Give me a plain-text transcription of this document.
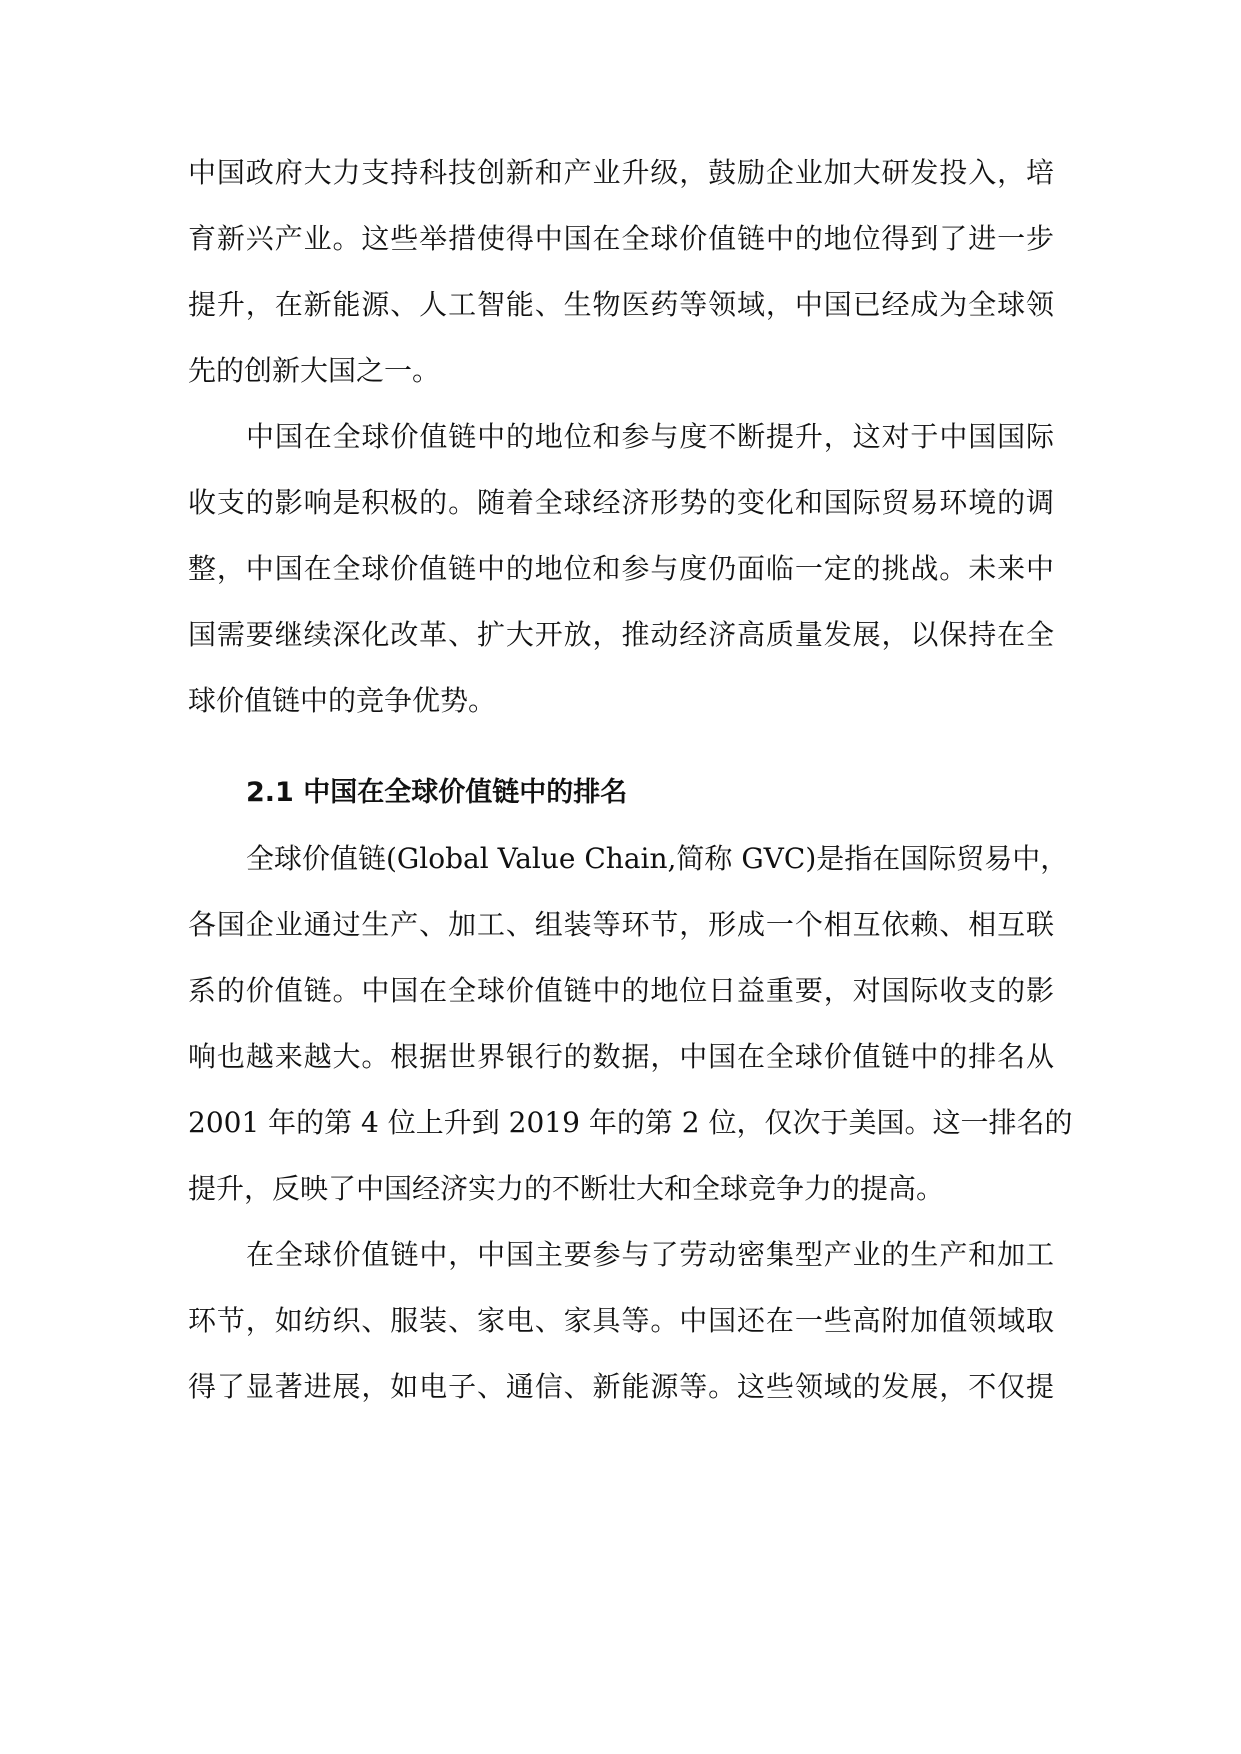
中国政府大力支持科技创新和产业升级，鼓励企业加大研发投入，培
育新兴产业。这些举措使得中国在全球价值链中的地位得到了进一步
提升，在新能源、人工智能、生物医药等领域，中国已经成为全球领
先的创新大国之一。
中国在全球价值链中的地位和参与度不断提升，这对于中国国际
收支的影响是积极的。随着全球经济形势的变化和国际贸易环境的调
整，中国在全球价值链中的地位和参与度仍面临一定的挑战。未来中
国需要继续深化改革、扩大开放，推动经济高质量发展，以保持在全
球价值链中的竞争优势。
2.1 中国在全球价值链中的排名
全球价值链(Global Value Chain,简称 GVC)是指在国际贸易中，
各国企业通过生产、加工、组装等环节，形成一个相互依赖、相互联
系的价值链。中国在全球价值链中的地位日益重要，对国际收支的影
响也越来越大。根据世界银行的数据，中国在全球价值链中的排名从
2001 年的第 4 位上升到 2019 年的第 2 位，仅次于美国。这一排名的
提升，反映了中国经济实力的不断壮大和全球竞争力的提高。
在全球价值链中，中国主要参与了劳动密集型产业的生产和加工
环节，如纺织、服装、家电、家具等。中国还在一些高附加值领域取
得了显著进展，如电子、通信、新能源等。这些领域的发展，不仅提
